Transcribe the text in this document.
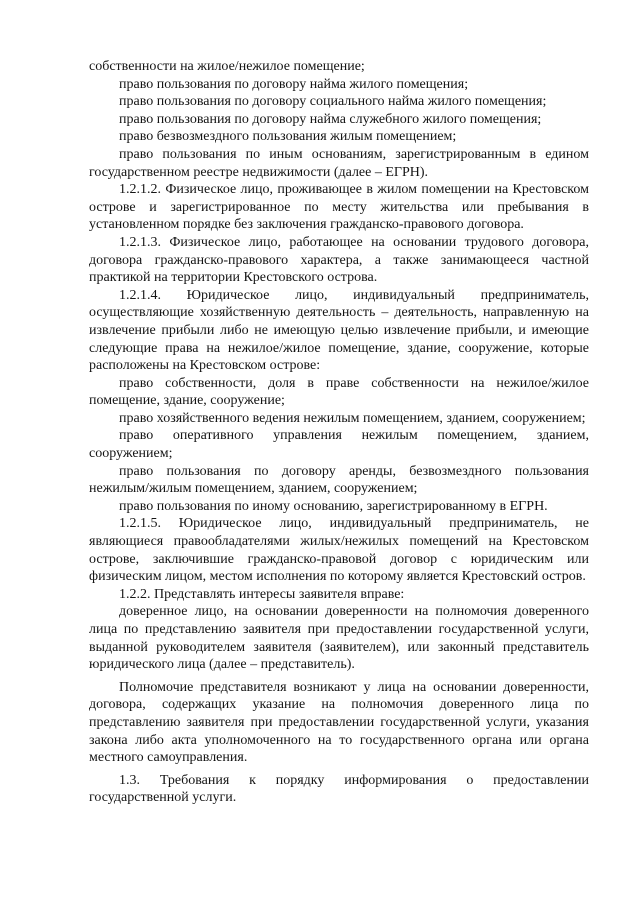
собственности на жилое/нежилое помещение;

право пользования по договору найма жилого помещения;

право пользования по договору социального найма жилого помещения;

право пользования по договору найма служебного жилого помещения;

право безвозмездного пользования жилым помещением;

право пользования по иным основаниям, зарегистрированным в едином государственном реестре недвижимости (далее – ЕГРН).

1.2.1.2. Физическое лицо, проживающее в жилом помещении на Крестовском острове и зарегистрированное по месту жительства или пребывания в установленном порядке без заключения гражданско-правового договора.

1.2.1.3. Физическое лицо, работающее на основании трудового договора, договора гражданско-правового характера, а также занимающееся частной практикой на территории Крестовского острова.

1.2.1.4. Юридическое лицо, индивидуальный предприниматель, осуществляющие хозяйственную деятельность – деятельность, направленную на извлечение прибыли либо не имеющую целью извлечение прибыли, и имеющие следующие права на нежилое/жилое помещение, здание, сооружение, которые расположены на Крестовском острове:

право собственности, доля в праве собственности на нежилое/жилое помещение, здание, сооружение;

право хозяйственного ведения нежилым помещением, зданием, сооружением;

право оперативного управления нежилым помещением, зданием, сооружением;

право пользования по договору аренды, безвозмездного пользования нежилым/жилым помещением, зданием, сооружением;

право пользования по иному основанию, зарегистрированному в ЕГРН.

1.2.1.5. Юридическое лицо, индивидуальный предприниматель, не являющиеся правообладателями жилых/нежилых помещений на Крестовском острове, заключившие гражданско-правовой договор с юридическим или физическим лицом, местом исполнения по которому является Крестовский остров.

1.2.2. Представлять интересы заявителя вправе:

доверенное лицо, на основании доверенности на полномочия доверенного лица по представлению заявителя при предоставлении государственной услуги, выданной руководителем заявителя (заявителем), или законный представитель юридического лица (далее – представитель).

Полномочие представителя возникают у лица на основании доверенности, договора, содержащих указание на полномочия доверенного лица по представлению заявителя при предоставлении государственной услуги, указания закона либо акта уполномоченного на то государственного органа или органа местного самоуправления.

1.3. Требования к порядку информирования о предоставлении государственной услуги.
